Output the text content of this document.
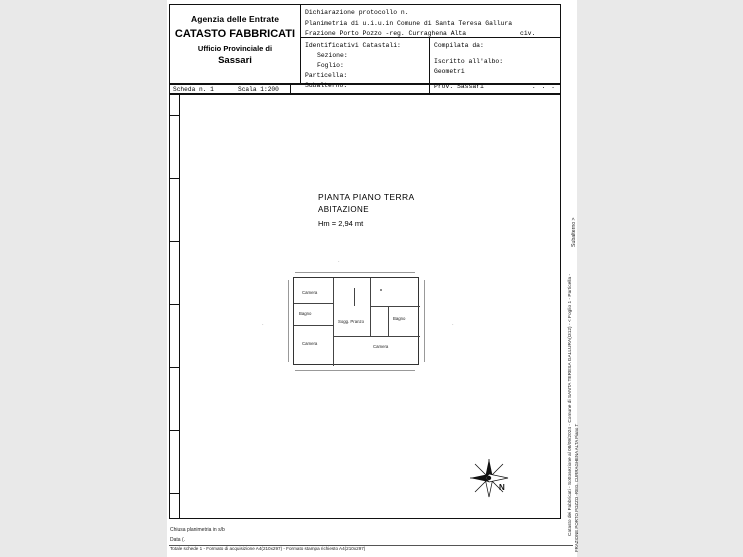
Agenzia delle Entrate
CATASTO FABBRICATI
Ufficio Provinciale di
Sassari
Dichiarazione protocollo n.
Planimetria di u.i.u.in Comune di Santa Teresa Gallura
Frazione Porto Pozzo -reg. Curraghena Alta	civ.
Identificativi Catastali:
Sezione:
Foglio:
Particella:
Subalterno:
Compilata da:
Iscritto all'albo:
Geometri
Prov. Sassari	. . .
Scheda n. 1	Scala 1:200
PIANTA PIANO TERRA
ABITAZIONE
Hm = 2,94 mt
Camera
Bagno
Camera
Sogg. Pranzo
Bagno
Camera
·
·
·
N
Chiusa planimetria in s/b
Data (.
Totale schede 1 - Formato di acquisizione A4(210x297) - Formato stampa richiesto A4(210x297)
Subalterno >
Catasto dei Fabbricati - Sottosezione al 08/09/2024 - Comune di SANTA TERESA GALLURA(I312) - < Foglio 1 - Particella - FRAZIONE PORTO POZZO -REG. CURRAGHENA ALTA Piano T
